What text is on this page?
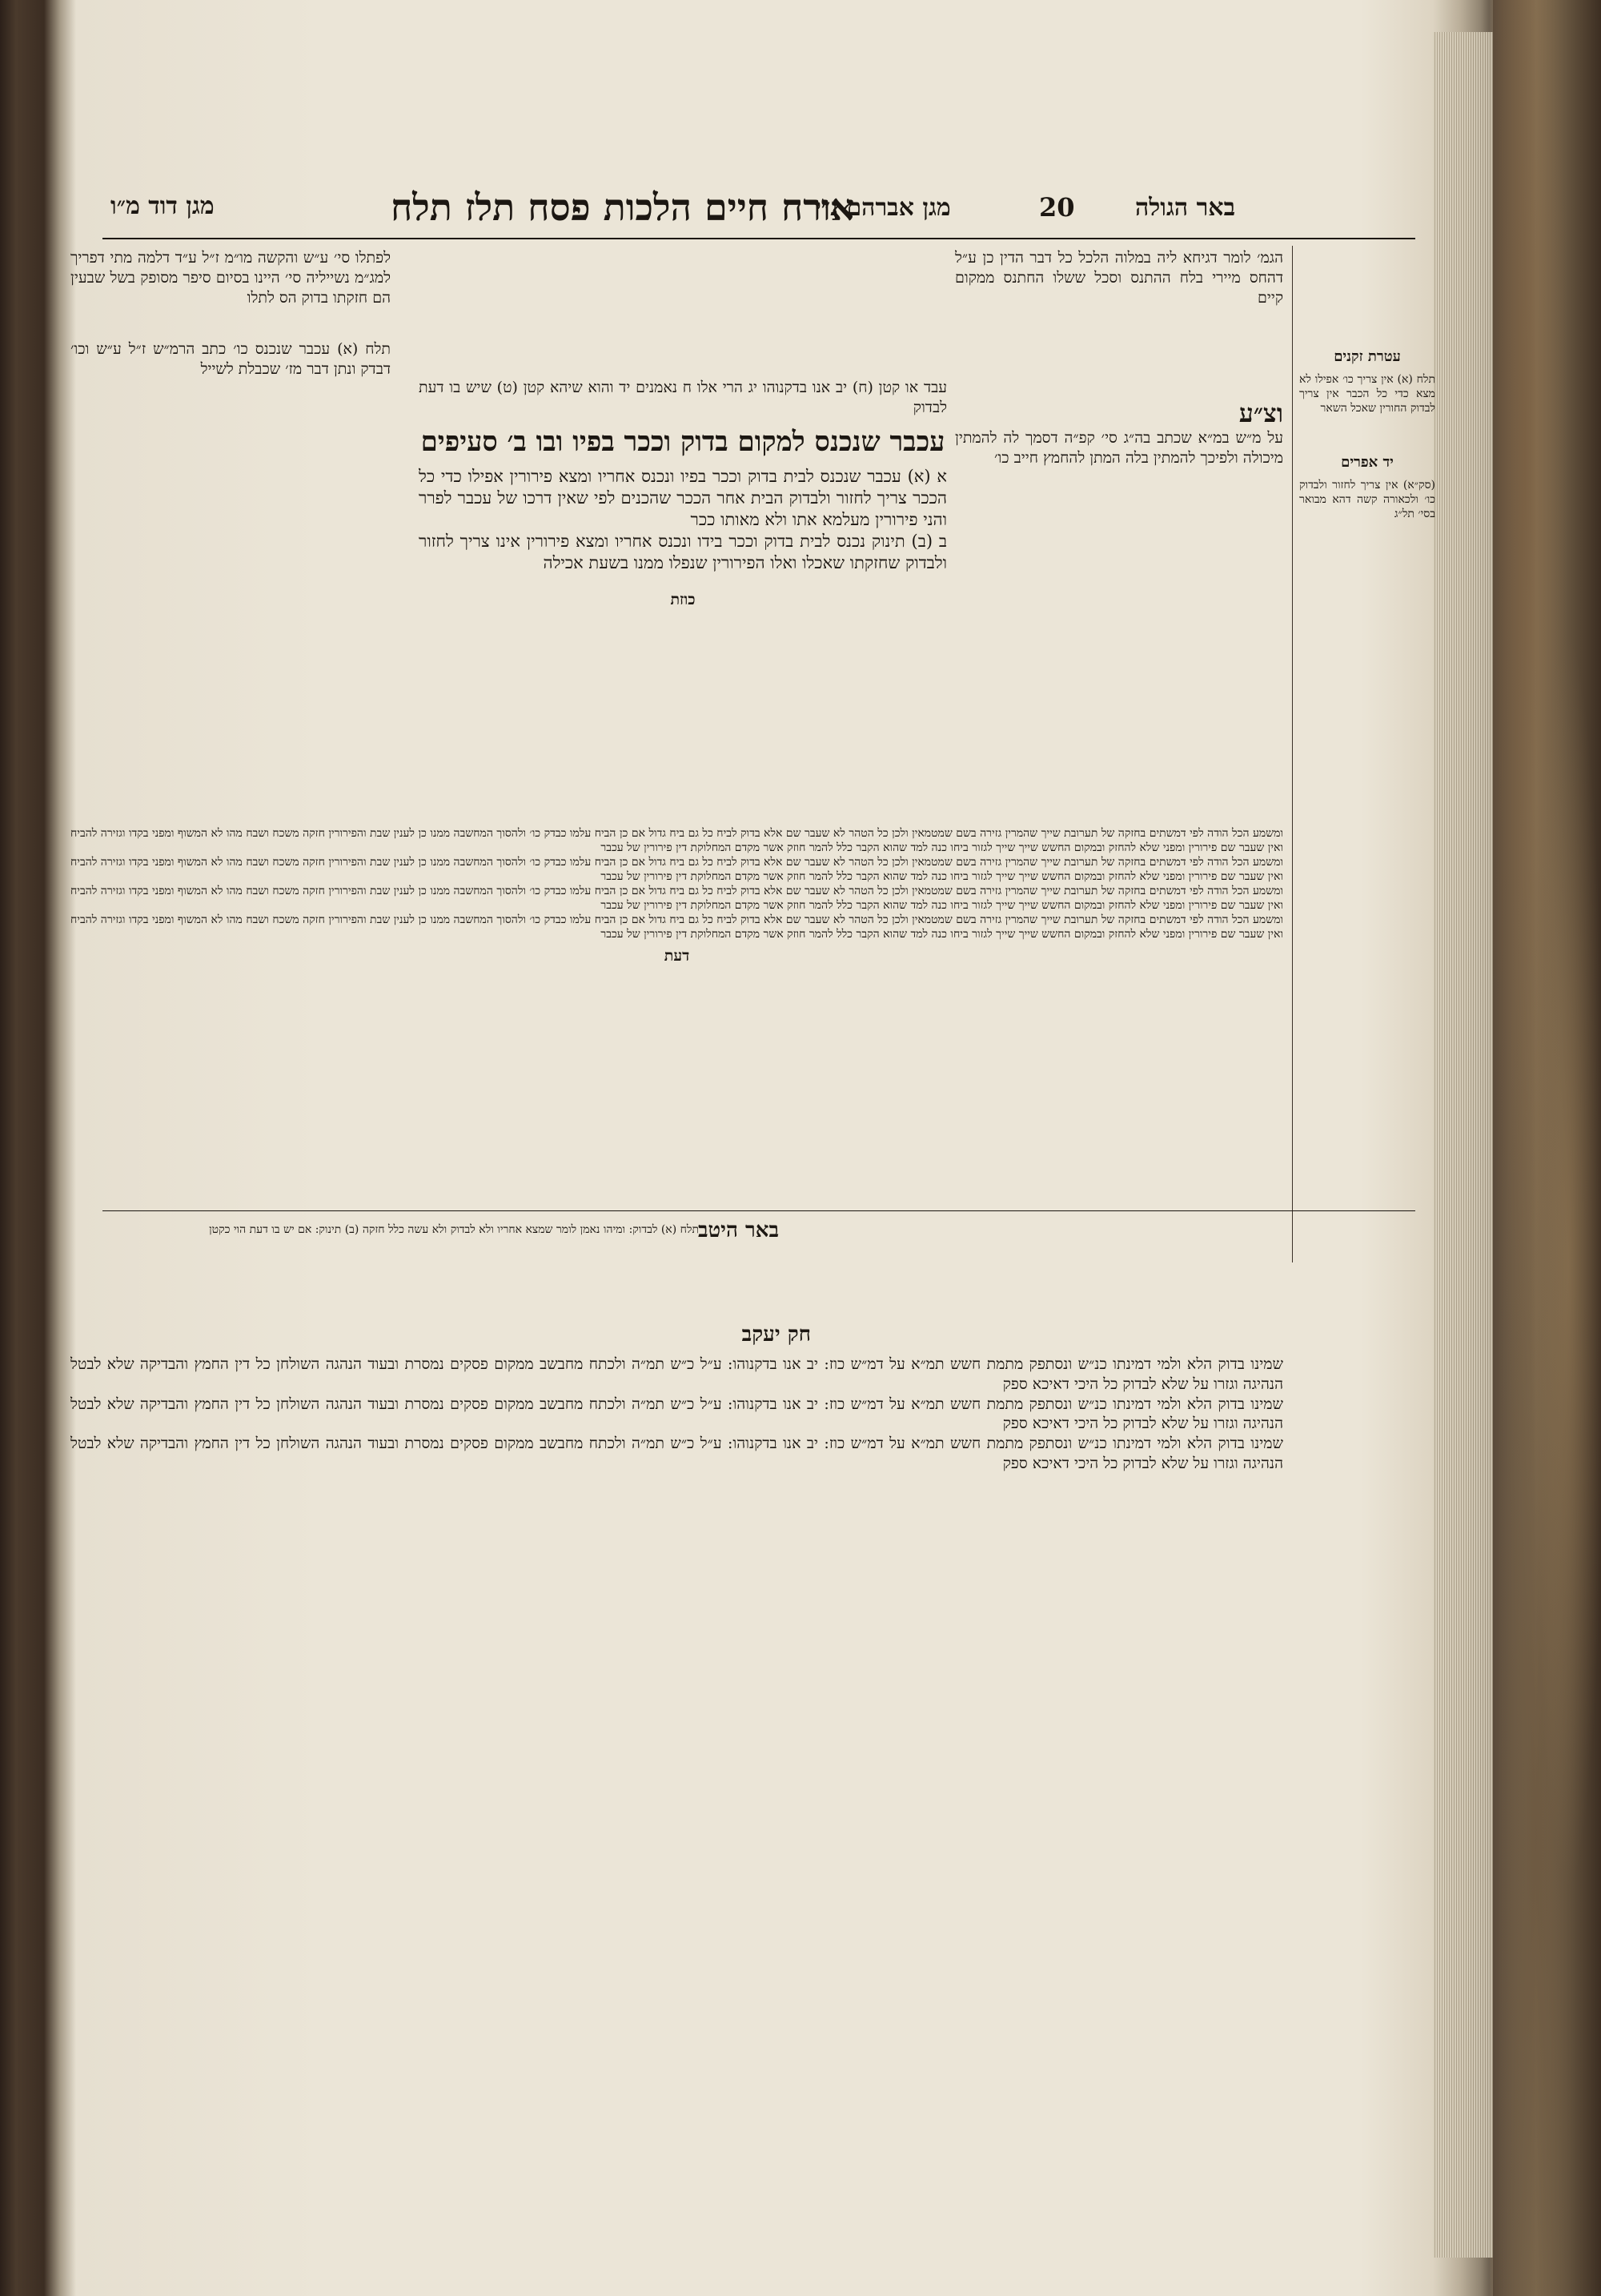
באר הגולה
20
מגן אברהם נ״י
אורח חיים הלכות פסח תלז תלח
מגן דוד מ״ו

עטרת זקנים

תלח (א) אין צריך כו׳ אפילו לא מצא כדי כל הכבר אין צריך לבדוק החורין שאכל השאר

יד אפרים

(סק״א) אין צריך לחזור ולבדוק כו׳ ולכאורה קשה דהא מבואר בסי׳ תל״ג

הגמ׳ לומר דגיחא ליה במלוה הלכל כל דבר הדין כן ע״ל דהחס מיירי בלח ההתנס וסכל ששלו החתנס ממקום קיים

וצ״ע

על מ״ש במ״א שכתב בה״ג סי׳ קפ״ה דסמך לה להמתין מיכולה ולפיכך להמתין בלה המתן להחמץ חייב כו׳

עבד או קטן (ח) יב אנו בדקנוהו יג הרי אלו ח נאמנים יד והוא שיהא קטן (ט) שיש בו דעת לבדוק

עכבר שנכנס למקום בדוק וככר בפיו ובו ב׳ סעיפים

א (א) עכבר שנכנס לבית בדוק וככר בפיו ונכנס אחריו ומצא פירורין אפילו כדי כל הככר צריך לחזור ולבדוק הבית אחר הככר שהכנים לפי שאין דרכו של עכבר לפרר והני פירורין מעלמא אתו ולא מאותו ככר

ב (ב) תינוק נכנס לבית בדוק וככר בידו ונכנס אחריו ומצא פירורין אינו צריך לחזור ולבדוק שחזקתו שאכלו ואלו הפירורין שנפלו ממנו בשעת אכילה

כוזת

לפתלו סי׳ ע״ש והקשה מו״מ ז״ל ע״ד דלמה מתי דפריך למג״מ נשייליה סי׳ היינו בסיום סיפר מסופק בשל שבעין הם חזקתו בדוק הס לתלו

תלח (א) עכבר שנכנס כו׳ כתב הרמ״ש ז״ל ע״ש וכו׳ דבדק ונתן דבר מז׳ שכבלת לשייל

ומשמע הכל הודה לפי דמשתים בחזקה של תערובת שייך שהמרין גזירה בשם שמטמאין ולכן כל הטהר לא שעבר שם אלא בדוק לביח כל גם ביח גדול אם כן הביח עלמו כבדק כו׳ ולהסוך המחשבה ממנו כן לענין שבת והפירורין חזקה משכח ושבח מהו לא המשוף ומפני בקדו וגזירה להביח ואין שעבר שם פירורין ומפני שלא להחזק ובמקום החשש שייך שייך לגזור ביחו כנה למד שהוא הקבר כלל להמר חוזק אשר מקדם המחלוקת דין פירורין של עכבר

ומשמע הכל הודה לפי דמשתים בחזקה של תערובת שייך שהמרין גזירה בשם שמטמאין ולכן כל הטהר לא שעבר שם אלא בדוק לביח כל גם ביח גדול אם כן הביח עלמו כבדק כו׳ ולהסוך המחשבה ממנו כן לענין שבת והפירורין חזקה משכח ושבח מהו לא המשוף ומפני בקדו וגזירה להביח ואין שעבר שם פירורין ומפני שלא להחזק ובמקום החשש שייך שייך לגזור ביחו כנה למד שהוא הקבר כלל להמר חוזק אשר מקדם המחלוקת דין פירורין של עכבר

ומשמע הכל הודה לפי דמשתים בחזקה של תערובת שייך שהמרין גזירה בשם שמטמאין ולכן כל הטהר לא שעבר שם אלא בדוק לביח כל גם ביח גדול אם כן הביח עלמו כבדק כו׳ ולהסוך המחשבה ממנו כן לענין שבת והפירורין חזקה משכח ושבח מהו לא המשוף ומפני בקדו וגזירה להביח ואין שעבר שם פירורין ומפני שלא להחזק ובמקום החשש שייך שייך לגזור ביחו כנה למד שהוא הקבר כלל להמר חוזק אשר מקדם המחלוקת דין פירורין של עכבר

ומשמע הכל הודה לפי דמשתים בחזקה של תערובת שייך שהמרין גזירה בשם שמטמאין ולכן כל הטהר לא שעבר שם אלא בדוק לביח כל גם ביח גדול אם כן הביח עלמו כבדק כו׳ ולהסוך המחשבה ממנו כן לענין שבת והפירורין חזקה משכח ושבח מהו לא המשוף ומפני בקדו וגזירה להביח ואין שעבר שם פירורין ומפני שלא להחזק ובמקום החשש שייך שייך לגזור ביחו כנה למד שהוא הקבר כלל להמר חוזק אשר מקדם המחלוקת דין פירורין של עכבר

דעת

באר היטב

תלח (א) לבדוק: ומיהו נאמן לומר שמצא אחריו ולא לבדוק ולא עשה כלל חזקה (ב) תינוק: אם יש בו דעת הוי כקטן

חק יעקב

שמינו בדוק הלא ולמי דמינתו כנ״ש ונסתפק מתמת חשש תמ״א על דמ״ש כוז: יב אנו בדקנוהו: ע״ל כ״ש תמ״ה ולכתח מחבשב ממקום פסקים נמסרת ובעוד הנהגה השולחן כל דין החמץ והבדיקה שלא לבטל הנהיגה וגזרו על שלא לבדוק כל היכי דאיכא ספק

שמינו בדוק הלא ולמי דמינתו כנ״ש ונסתפק מתמת חשש תמ״א על דמ״ש כוז: יב אנו בדקנוהו: ע״ל כ״ש תמ״ה ולכתח מחבשב ממקום פסקים נמסרת ובעוד הנהגה השולחן כל דין החמץ והבדיקה שלא לבטל הנהיגה וגזרו על שלא לבדוק כל היכי דאיכא ספק

שמינו בדוק הלא ולמי דמינתו כנ״ש ונסתפק מתמת חשש תמ״א על דמ״ש כוז: יב אנו בדקנוהו: ע״ל כ״ש תמ״ה ולכתח מחבשב ממקום פסקים נמסרת ובעוד הנהגה השולחן כל דין החמץ והבדיקה שלא לבטל הנהיגה וגזרו על שלא לבדוק כל היכי דאיכא ספק
